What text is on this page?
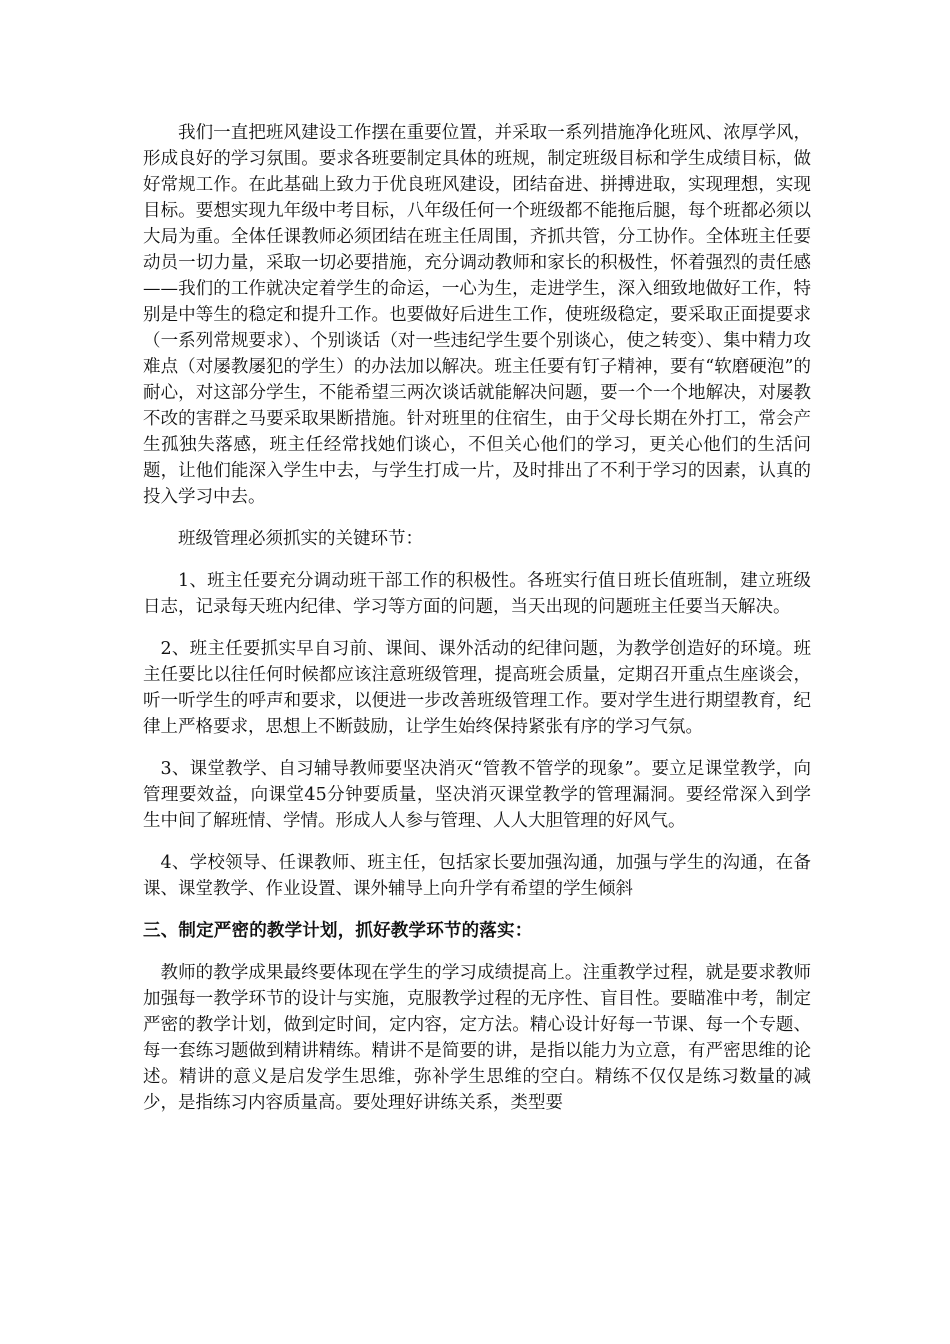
我们一直把班风建设工作摆在重要位置，并采取一系列措施净化班风、浓厚学风，形成良好的学习氛围。要求各班要制定具体的班规，制定班级目标和学生成绩目标，做好常规工作。在此基础上致力于优良班风建设，团结奋进、拼搏进取，实现理想，实现目标。要想实现九年级中考目标，八年级任何一个班级都不能拖后腿，每个班都必须以大局为重。全体任课教师必须团结在班主任周围，齐抓共管，分工协作。全体班主任要动员一切力量，采取一切必要措施，充分调动教师和家长的积极性，怀着强烈的责任感——我们的工作就决定着学生的命运，一心为生，走进学生，深入细致地做好工作，特别是中等生的稳定和提升工作。也要做好后进生工作，使班级稳定，要采取正面提要求（一系列常规要求）、个别谈话（对一些违纪学生要个别谈心，使之转变）、集中精力攻难点（对屡教屡犯的学生）的办法加以解决。班主任要有钉子精神，要有“软磨硬泡”的耐心，对这部分学生，不能希望三两次谈话就能解决问题，要一个一个地解决，对屡教不改的害群之马要采取果断措施。针对班里的住宿生，由于父母长期在外打工，常会产生孤独失落感，班主任经常找她们谈心，不但关心他们的学习，更关心他们的生活问题，让他们能深入学生中去，与学生打成一片，及时排出了不利于学习的因素，认真的投入学习中去。

班级管理必须抓实的关键环节：

1、班主任要充分调动班干部工作的积极性。各班实行值日班长值班制，建立班级日志，记录每天班内纪律、学习等方面的问题，当天出现的问题班主任要当天解决。

2、班主任要抓实早自习前、课间、课外活动的纪律问题，为教学创造好的环境。班主任要比以往任何时候都应该注意班级管理，提高班会质量，定期召开重点生座谈会，听一听学生的呼声和要求，以便进一步改善班级管理工作。要对学生进行期望教育，纪律上严格要求，思想上不断鼓励，让学生始终保持紧张有序的学习气氛。

3、课堂教学、自习辅导教师要坚决消灭“管教不管学的现象”。要立足课堂教学，向管理要效益，向课堂45分钟要质量，坚决消灭课堂教学的管理漏洞。要经常深入到学生中间了解班情、学情。形成人人参与管理、人人大胆管理的好风气。

4、学校领导、任课教师、班主任，包括家长要加强沟通，加强与学生的沟通，在备课、课堂教学、作业设置、课外辅导上向升学有希望的学生倾斜

三、制定严密的教学计划，抓好教学环节的落实：

教师的教学成果最终要体现在学生的学习成绩提高上。注重教学过程，就是要求教师加强每一教学环节的设计与实施，克服教学过程的无序性、盲目性。要瞄准中考，制定严密的教学计划，做到定时间，定内容，定方法。精心设计好每一节课、每一个专题、每一套练习题做到精讲精练。精讲不是简要的讲，是指以能力为立意，有严密思维的论述。精讲的意义是启发学生思维，弥补学生思维的空白。精练不仅仅是练习数量的减少，是指练习内容质量高。要处理好讲练关系，类型要
